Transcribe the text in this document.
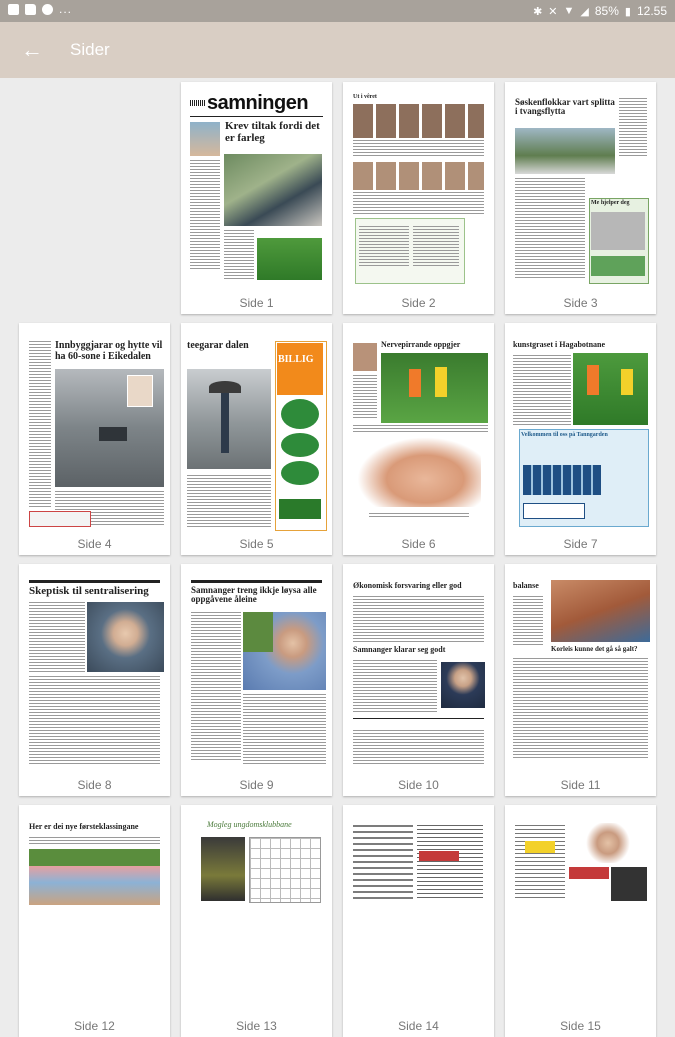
...	✱ ✕ ▼ ◢ 85% ▮ 12.55
← Sider
samningen
Krev tiltak fordi det er farleg
Side 1
Ut i vêret
Side 2
Søskenflokkar vart splitta i tvangsflytta
Me hjelper deg
Side 3
Innbyggjarar og hytte vil ha 60-sone i Eikedalen
Side 4
teegarar dalen
BILLIG
Side 5
Nervepirrande oppgjer
Side 6
kunstgraset i Hagabotnane
Velkommen til oss på Tanngarden
Side 7
Skeptisk til sentralisering
Side 8
Samnanger treng ikkje løysa alle oppgåvene åleine
Side 9
Økonomisk forsvaring eller god
Samnanger klarar seg godt
Side 10
balanse
Korleis kunne det gå så galt?
Side 11
Her er dei nye førsteklassingane
Side 12
Mogleg ungdomsklubbane
Side 13	Side 14	Side 15
